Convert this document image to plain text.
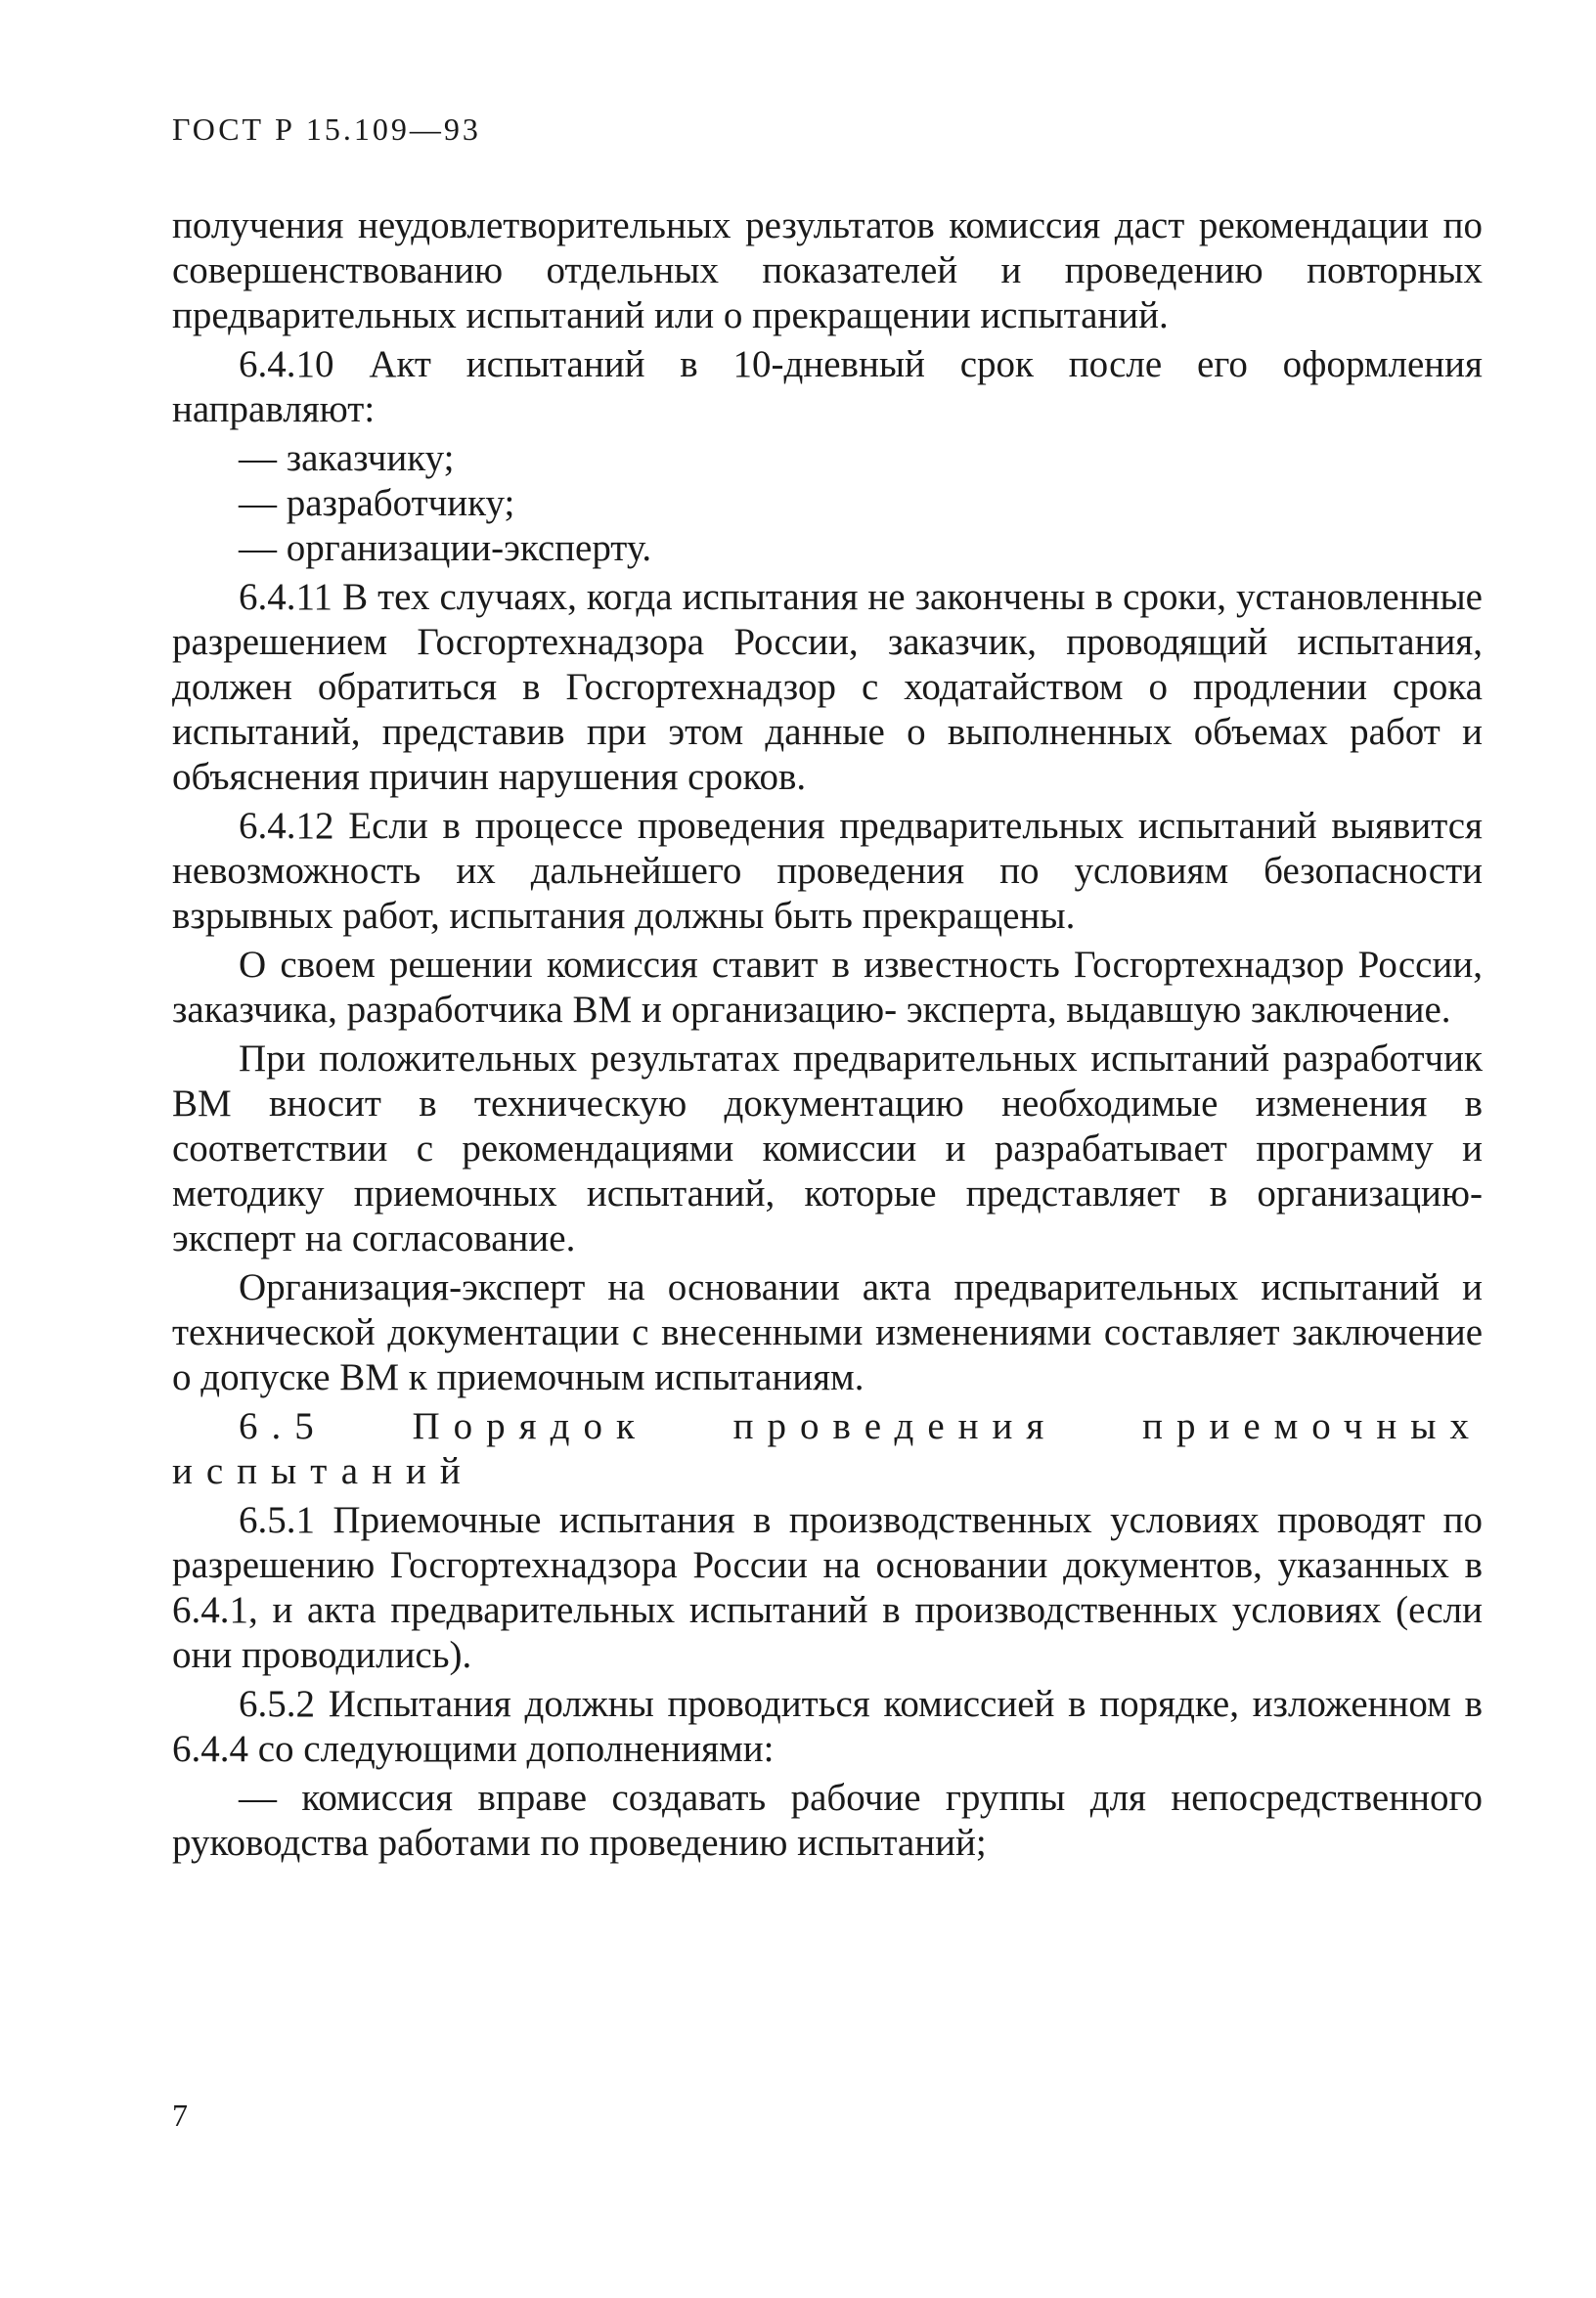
ГОСТ Р 15.109—93

получения неудовлетворительных результатов комиссия даст рекомендации по совершенствованию отдельных показателей и проведению повторных предварительных испытаний или о прекращении испытаний.

6.4.10 Акт испытаний в 10-дневный срок после его оформления направляют:

— заказчику;

— разработчику;

— организации-эксперту.

6.4.11 В тех случаях, когда испытания не закончены в сроки, установленные разрешением Госгортехнадзора России, заказчик, проводящий испытания, должен обратиться в Госгортехнадзор с ходатайством о продлении срока испытаний, представив при этом данные о выполненных объемах работ и объяснения причин нарушения сроков.

6.4.12 Если в процессе проведения предварительных испытаний выявится невозможность их дальнейшего проведения по условиям безопасности взрывных работ, испытания должны быть прекращены.

О своем решении комиссия ставит в известность Госгортехнадзор России, заказчика, разработчика ВМ и организацию- эксперта, выдавшую заключение.

При положительных результатах предварительных испытаний разработчик ВМ вносит в техническую документацию необходимые изменения в соответствии с рекомендациями комиссии и разрабатывает программу и методику приемочных испытаний, которые представляет в организацию-эксперт на согласование.

Организация-эксперт на основании акта предварительных испытаний и технической документации с внесенными изменениями составляет заключение о допуске ВМ к приемочным испытаниям.

6.5 Порядок проведения приемочных испытаний

6.5.1 Приемочные испытания в производственных условиях проводят по разрешению Госгортехнадзора России на основании документов, указанных в 6.4.1, и акта предварительных испытаний в производственных условиях (если они проводились).

6.5.2 Испытания должны проводиться комиссией в порядке, изложенном в 6.4.4 со следующими дополнениями:

— комиссия вправе создавать рабочие группы для непосредственного руководства работами по проведению испытаний;

7
